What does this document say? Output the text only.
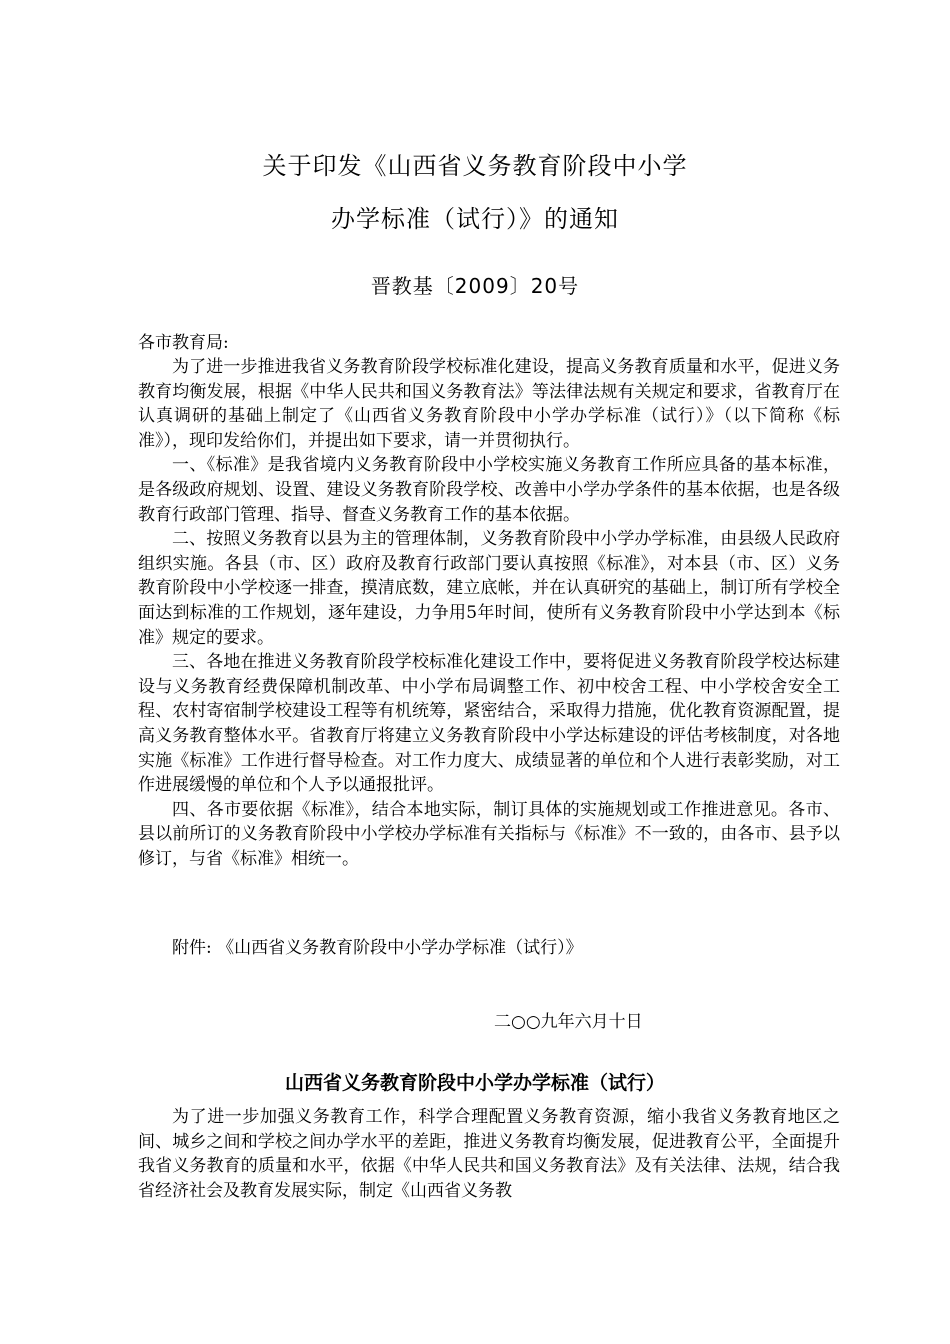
关于印发《山西省义务教育阶段中小学
办学标准（试行）》的通知
晋教基〔2009〕20号
各市教育局:

为了进一步推进我省义务教育阶段学校标准化建设，提高义务教育质量和水平，促进义务教育均衡发展，根据《中华人民共和国义务教育法》等法律法规有关规定和要求，省教育厅在认真调研的基础上制定了《山西省义务教育阶段中小学办学标准（试行）》（以下简称《标准》），现印发给你们，并提出如下要求，请一并贯彻执行。

一、《标准》是我省境内义务教育阶段中小学校实施义务教育工作所应具备的基本标准，是各级政府规划、设置、建设义务教育阶段学校、改善中小学办学条件的基本依据，也是各级教育行政部门管理、指导、督查义务教育工作的基本依据。

二、按照义务教育以县为主的管理体制，义务教育阶段中小学办学标准，由县级人民政府组织实施。各县（市、区）政府及教育行政部门要认真按照《标准》，对本县（市、区）义务教育阶段中小学校逐一排查，摸清底数，建立底帐，并在认真研究的基础上，制订所有学校全面达到标准的工作规划，逐年建设，力争用5年时间，使所有义务教育阶段中小学达到本《标准》规定的要求。

三、各地在推进义务教育阶段学校标准化建设工作中，要将促进义务教育阶段学校达标建设与义务教育经费保障机制改革、中小学布局调整工作、初中校舍工程、中小学校舍安全工程、农村寄宿制学校建设工程等有机统筹，紧密结合，采取得力措施，优化教育资源配置，提高义务教育整体水平。省教育厅将建立义务教育阶段中小学达标建设的评估考核制度，对各地实施《标准》工作进行督导检查。对工作力度大、成绩显著的单位和个人进行表彰奖励，对工作进展缓慢的单位和个人予以通报批评。

四、各市要依据《标准》，结合本地实际，制订具体的实施规划或工作推进意见。各市、县以前所订的义务教育阶段中小学校办学标准有关指标与《标准》不一致的，由各市、县予以修订，与省《标准》相统一。

附件: 《山西省义务教育阶段中小学办学标准（试行）》
二○○九年六月十日
山西省义务教育阶段中小学办学标准（试行）

为了进一步加强义务教育工作，科学合理配置义务教育资源，缩小我省义务教育地区之间、城乡之间和学校之间办学水平的差距，推进义务教育均衡发展，促进教育公平，全面提升我省义务教育的质量和水平，依据《中华人民共和国义务教育法》及有关法律、法规，结合我省经济社会及教育发展实际，制定《山西省义务教
